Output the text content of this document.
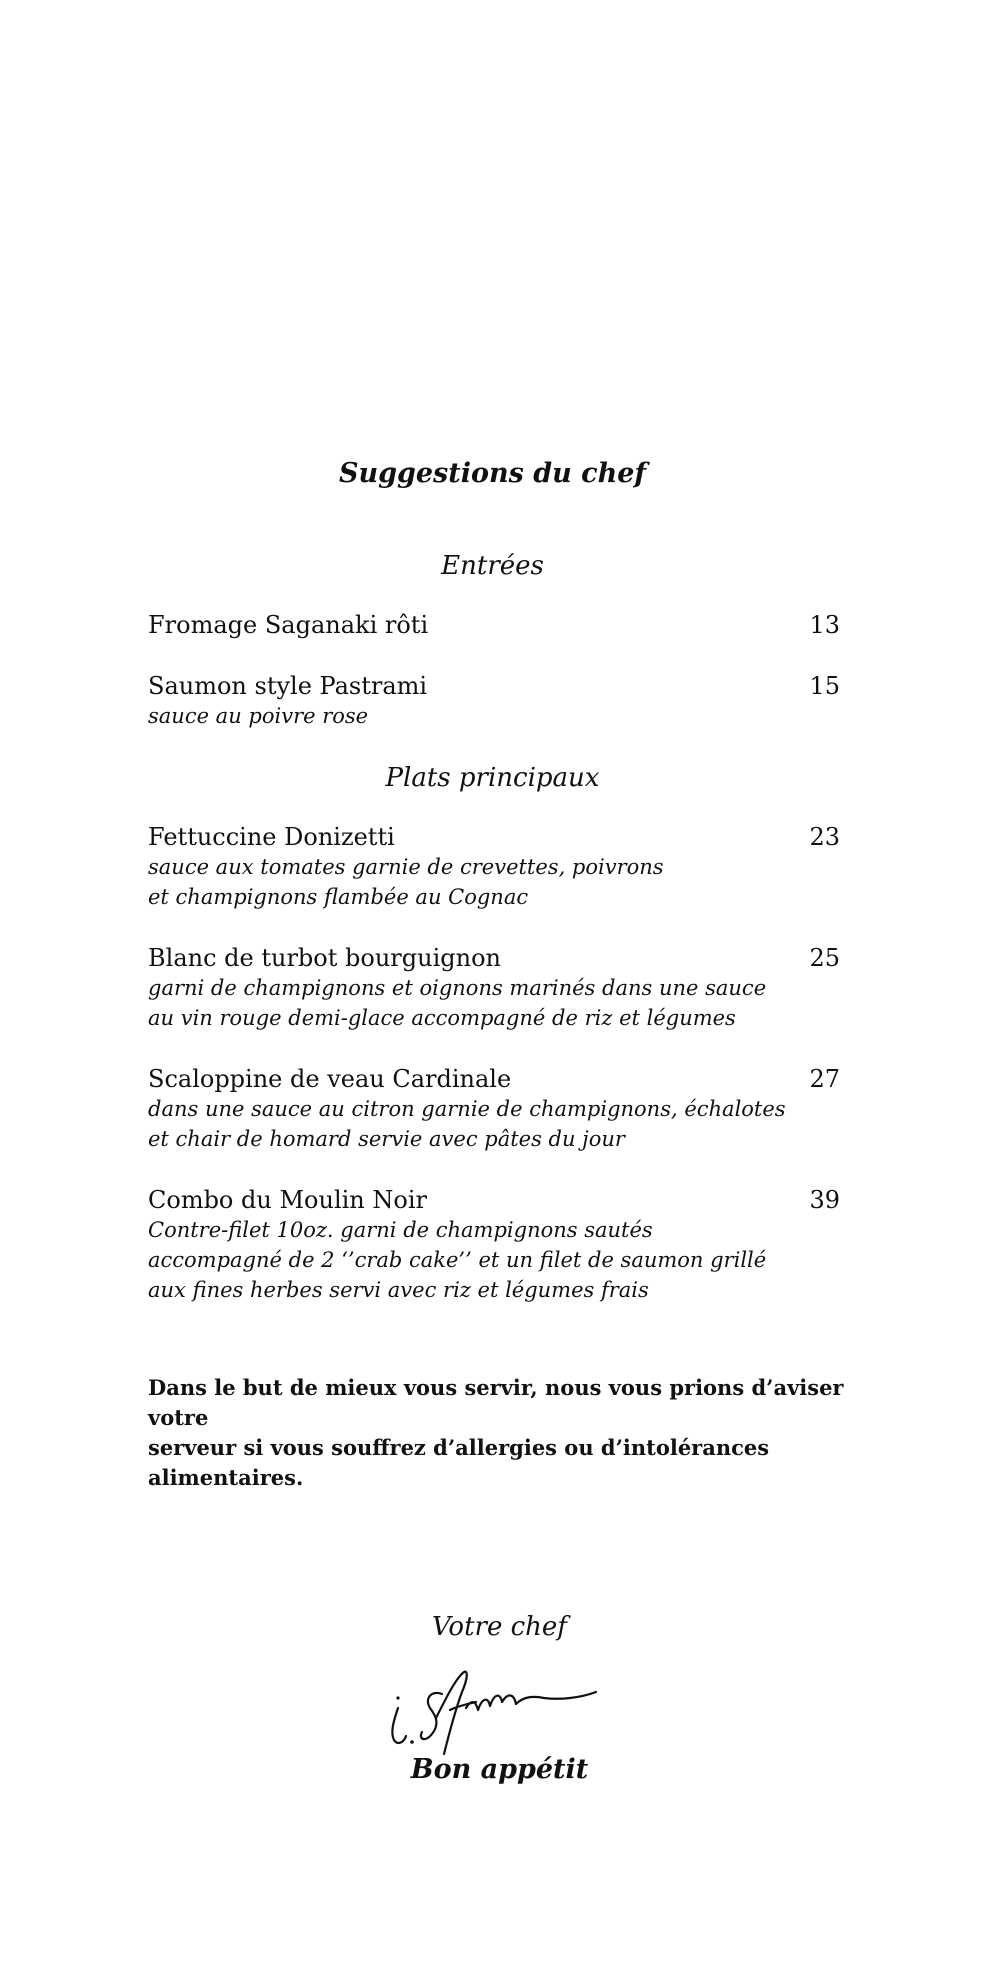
Suggestions du chef
Entrées
Fromage Saganaki rôti	13
Saumon style Pastrami	15
sauce au poivre rose
Plats principaux
Fettuccine Donizetti	23
sauce aux tomates garnie de crevettes, poivrons
et champignons flambée au Cognac
Blanc de turbot bourguignon	25
garni de champignons et oignons marinés dans une sauce
au vin rouge demi-glace accompagné de riz et légumes
Scaloppine de veau Cardinale	27
dans une sauce au citron garnie de champignons, échalotes
et chair de homard servie avec pâtes du jour
Combo du Moulin Noir	39
Contre-filet 10oz. garni de champignons sautés
accompagné de 2 ‘’crab cake’’ et un filet de saumon grillé
aux fines herbes servi avec riz et légumes frais
Dans le but de mieux vous servir, nous vous prions d’aviser votre
serveur si vous souffrez d’allergies ou d’intolérances alimentaires.
Votre chef
Bon appétit
